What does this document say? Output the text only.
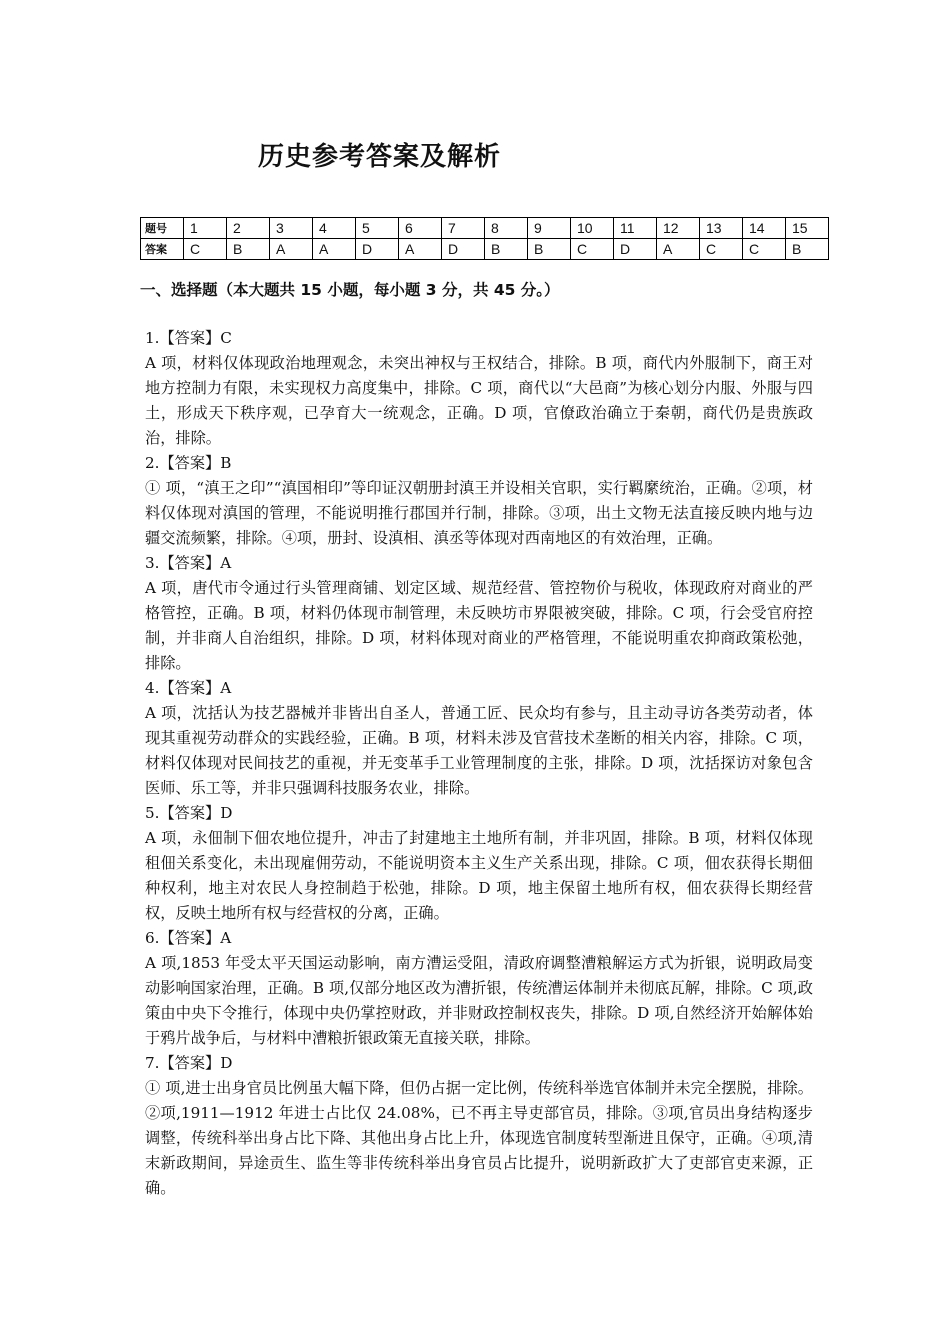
历史参考答案及解析
题号	1	2	3	4	5	6	7	8	9	10	11	12	13	14	15
答案	C	B	A	A	D	A	D	B	B	C	D	A	C	C	B
一、选择题（本大题共 15 小题，每小题 3 分，共 45 分。）

1.【答案】C

A 项，材料仅体现政治地理观念，未突出神权与王权结合，排除。B 项，商代内外服制下，商王对地方控制力有限，未实现权力高度集中，排除。C 项，商代以“大邑商”为核心划分内服、外服与四土，形成天下秩序观，已孕育大一统观念，正确。D 项，官僚政治确立于秦朝，商代仍是贵族政治，排除。

2.【答案】B

① 项，“滇王之印”“滇国相印”等印证汉朝册封滇王并设相关官职，实行羁縻统治，正确。②项，材料仅体现对滇国的管理，不能说明推行郡国并行制，排除。③项，出土文物无法直接反映内地与边疆交流频繁，排除。④项，册封、设滇相、滇丞等体现对西南地区的有效治理，正确。

3.【答案】A

A 项，唐代市令通过行头管理商铺、划定区域、规范经营、管控物价与税收，体现政府对商业的严格管控，正确。B 项，材料仍体现市制管理，未反映坊市界限被突破，排除。C 项，行会受官府控制，并非商人自治组织，排除。D 项，材料体现对商业的严格管理，不能说明重农抑商政策松弛，排除。

4.【答案】A

A 项，沈括认为技艺器械并非皆出自圣人，普通工匠、民众均有参与，且主动寻访各类劳动者，体现其重视劳动群众的实践经验，正确。B 项，材料未涉及官营技术垄断的相关内容，排除。C 项，材料仅体现对民间技艺的重视，并无变革手工业管理制度的主张，排除。D 项，沈括探访对象包含医师、乐工等，并非只强调科技服务农业，排除。

5.【答案】D

A 项，永佃制下佃农地位提升，冲击了封建地主土地所有制，并非巩固，排除。B 项，材料仅体现租佃关系变化，未出现雇佣劳动，不能说明资本主义生产关系出现，排除。C 项，佃农获得长期佃种权利，地主对农民人身控制趋于松弛，排除。D 项，地主保留土地所有权，佃农获得长期经营权，反映土地所有权与经营权的分离，正确。

6.【答案】A

A 项,1853 年受太平天国运动影响，南方漕运受阻，清政府调整漕粮解运方式为折银，说明政局变动影响国家治理，正确。B 项,仅部分地区改为漕折银，传统漕运体制并未彻底瓦解，排除。C 项,政策由中央下令推行，体现中央仍掌控财政，并非财政控制权丧失，排除。D 项,自然经济开始解体始于鸦片战争后，与材料中漕粮折银政策无直接关联，排除。

7.【答案】D

① 项,进士出身官员比例虽大幅下降，但仍占据一定比例，传统科举选官体制并未完全摆脱，排除。②项,1911—1912 年进士占比仅 24.08%，已不再主导吏部官员，排除。③项,官员出身结构逐步调整，传统科举出身占比下降、其他出身占比上升，体现选官制度转型渐进且保守，正确。④项,清末新政期间，异途贡生、监生等非传统科举出身官员占比提升，说明新政扩大了吏部官吏来源，正确。
